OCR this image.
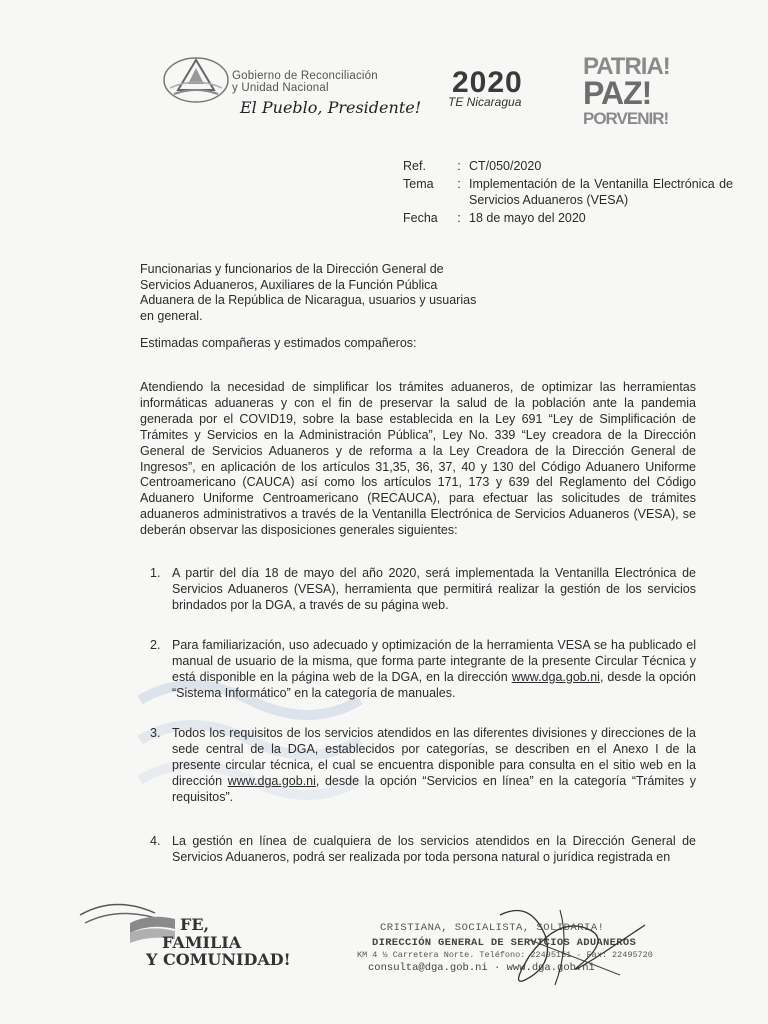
Gobierno de Reconciliación
y Unidad Nacional
El Pueblo, Presidente!
2020
TE Nicaragua
PATRIA!
PAZ!
PORVENIR!
Ref.	: CT/050/2020
Tema	: Implementación de la Ventanilla Electrónica de Servicios Aduaneros (VESA)
Fecha	: 18 de mayo del 2020
Funcionarias y funcionarios de la Dirección General de Servicios Aduaneros, Auxiliares de la Función Pública Aduanera de la República de Nicaragua, usuarios y usuarias en general.
Estimadas compañeras y estimados compañeros:
Atendiendo la necesidad de simplificar los trámites aduaneros, de optimizar las herramientas informáticas aduaneras y con el fin de preservar la salud de la población ante la pandemia generada por el COVID19, sobre la base establecida en la Ley 691 “Ley de Simplificación de Trámites y Servicios en la Administración Pública”, Ley No. 339 “Ley creadora de la Dirección General de Servicios Aduaneros y de reforma a la Ley Creadora de la Dirección General de Ingresos”, en aplicación de los artículos 31,35, 36, 37, 40 y 130 del Código Aduanero Uniforme Centroamericano (CAUCA) así como los artículos 171, 173 y 639 del Reglamento del Código Aduanero Uniforme Centroamericano (RECAUCA), para efectuar las solicitudes de trámites aduaneros administrativos a través de la Ventanilla Electrónica de Servicios Aduaneros (VESA), se deberán observar las disposiciones generales siguientes:
1. A partir del día 18 de mayo del año 2020, será implementada la Ventanilla Electrónica de Servicios Aduaneros (VESA), herramienta que permitirá realizar la gestión de los servicios brindados por la DGA, a través de su página web.
2. Para familiarización, uso adecuado y optimización de la herramienta VESA se ha publicado el manual de usuario de la misma, que forma parte integrante de la presente Circular Técnica y está disponible en la página web de la DGA, en la dirección www.dga.gob.ni, desde la opción “Sistema Informático” en la categoría de manuales.
3. Todos los requisitos de los servicios atendidos en las diferentes divisiones y direcciones de la sede central de la DGA, establecidos por categorías, se describen en el Anexo I de la presente circular técnica, el cual se encuentra disponible para consulta en el sitio web en la dirección www.dga.gob.ni, desde la opción “Servicios en línea” en la categoría “Trámites y requisitos”.
4. La gestión en línea de cualquiera de los servicios atendidos en la Dirección General de Servicios Aduaneros, podrá ser realizada por toda persona natural o jurídica registrada en
FE,
FAMILIA
Y COMUNIDAD!
CRISTIANA, SOCIALISTA, SOLIDARIA!
DIRECCIÓN GENERAL DE SERVICIOS ADUANEROS
KM 4 ½ Carretera Norte. Teléfono: 22495151 · Fax: 22495720
consulta@dga.gob.ni · www.dga.gob.ni
